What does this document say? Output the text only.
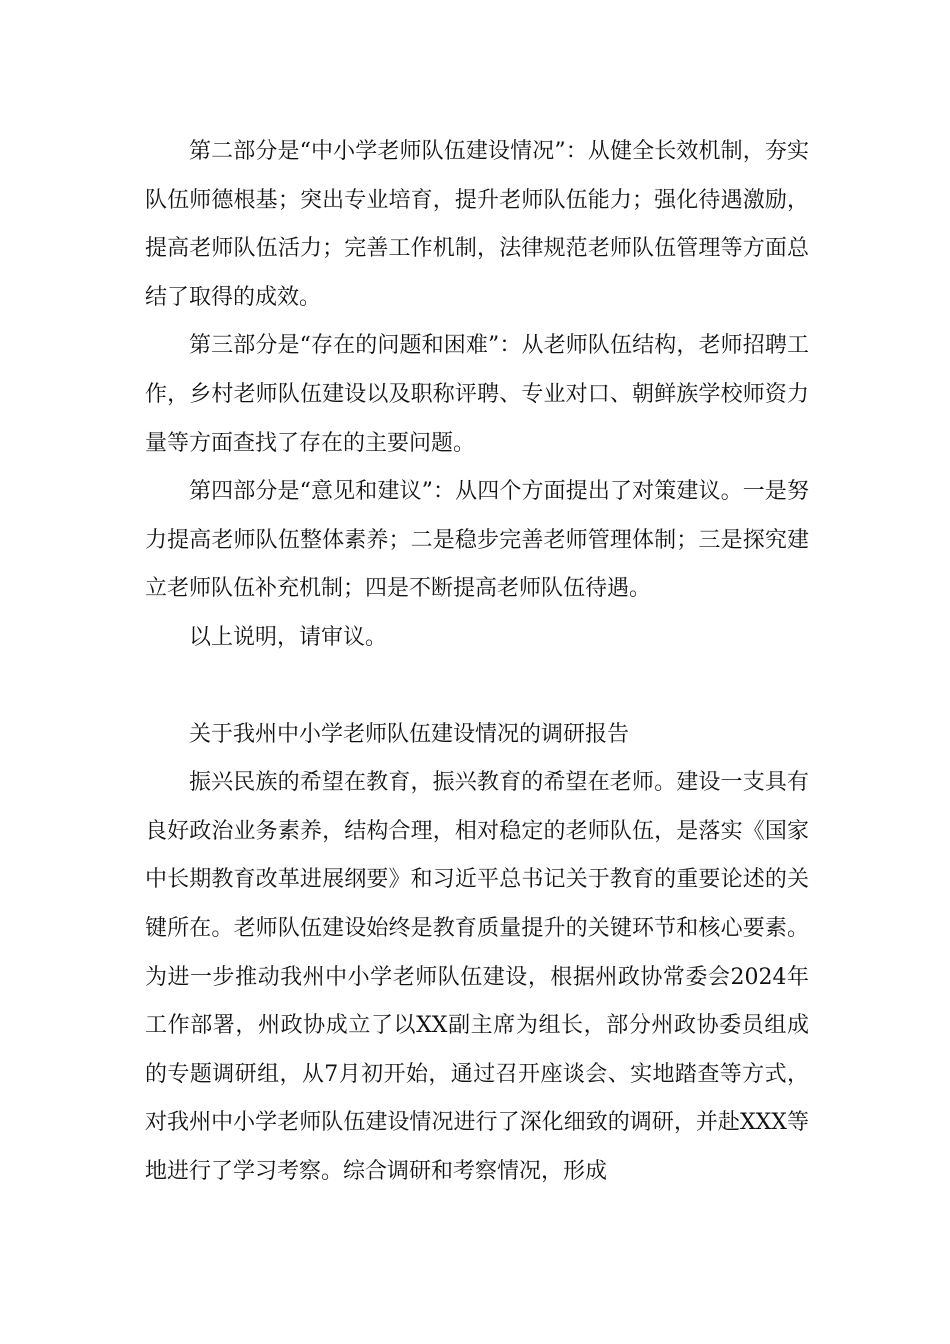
第二部分是“中小学老师队伍建设情况”：从健全长效机制，夯实队伍师德根基；突出专业培育，提升老师队伍能力；强化待遇激励，提高老师队伍活力；完善工作机制，法律规范老师队伍管理等方面总结了取得的成效。

第三部分是“存在的问题和困难”：从老师队伍结构，老师招聘工作，乡村老师队伍建设以及职称评聘、专业对口、朝鲜族学校师资力量等方面查找了存在的主要问题。

第四部分是“意见和建议”：从四个方面提出了对策建议。一是努力提高老师队伍整体素养；二是稳步完善老师管理体制；三是探究建立老师队伍补充机制；四是不断提高老师队伍待遇。

以上说明，请审议。

关于我州中小学老师队伍建设情况的调研报告

振兴民族的希望在教育，振兴教育的希望在老师。建设一支具有良好政治业务素养，结构合理，相对稳定的老师队伍，是落实《国家中长期教育改革进展纲要》和习近平总书记关于教育的重要论述的关键所在。老师队伍建设始终是教育质量提升的关键环节和核心要素。为进一步推动我州中小学老师队伍建设，根据州政协常委会2024年工作部署，州政协成立了以XX副主席为组长，部分州政协委员组成的专题调研组，从7月初开始，通过召开座谈会、实地踏查等方式，对我州中小学老师队伍建设情况进行了深化细致的调研，并赴XXX等地进行了学习考察。综合调研和考察情况，形成
